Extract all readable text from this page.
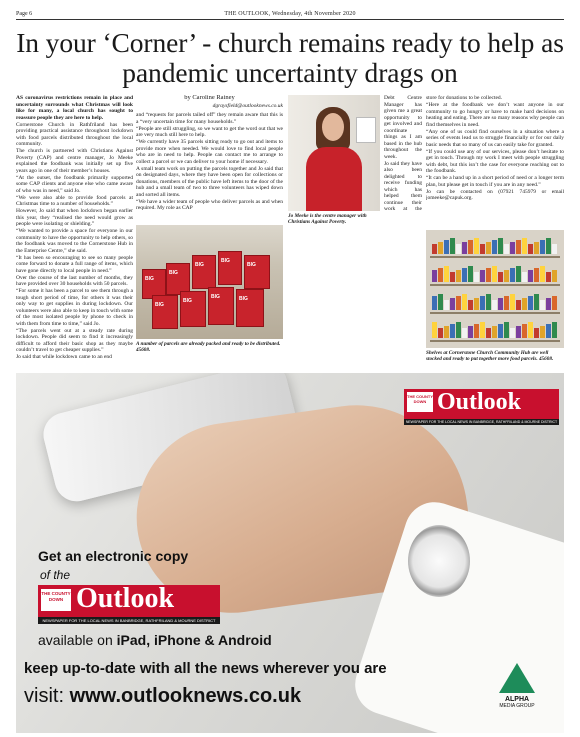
Page 6	THE OUTLOOK, Wednesday, 4th November 2020
In your ‘Corner’ - church remains ready to help as pandemic uncertainty drags on

AS coronavirus restrictions remain in place and uncertainty surrounds what Christmas will look like for many, a local church has sought to reassure people they are here to help.

Cornerstone Church in Rathfriland has been providing practical assistance throughout lockdown with food parcels distributed throughout the local community.

The church is partnered with Christians Against Poverty (CAP) and centre manager, Jo Meeke explained the foodbank was initially set up five years ago in one of their member’s houses.

“At the outset, the foodbank primarily supported some CAP clients and anyone else who came aware of who was in need,” said Jo.

“We were also able to provide food parcels at Christmas time to a number of households.”

However, Jo said that when lockdown began earlier this year, they “realised the need would grow as people were isolating or shielding.”

“We wanted to provide a space for everyone in our community to have the opportunity to help others, so the foodbank was moved to the Cornerstone Hub in the Enterprise Centre,” she said.

“It has been so encouraging to see so many people come forward to donate a full range of items, which have gone directly to local people in need.”

Over the course of the last number of months, they have provided over 30 households with 50 parcels.

“For some it has been a parcel to see them through a tough short period of time, for others it was their only way to get supplies in during lockdown. Our volunteers were also able to keep in touch with some of the most isolated people by phone to check in with them from time to time,” said Jo.

“The parcels went out at a steady rate during lockdown. People did seem to find it increasingly difficult to afford their basic shop as they maybe couldn’t travel to get cheaper supplies.”

Jo said that while lockdown came to an end

by Caroline Rainey
dgraysfield@outlooknews.co.uk

and “requests for parcels tailed off” they remain aware that this is a “very uncertain time for many households.”

“People are still struggling, so we want to get the word out that we are very much still here to help.

“We currently have 35 parcels sitting ready to go out and items to provide more when needed. We would love to find local people who are in need to help. People can contact me to arrange to collect a parcel or we can deliver to your home if necessary.

A small team work on putting the parcels together and Jo said that on designated days, where they have been open for collections or donations, members of the public have left items to the door of the hub and a small team of two to three volunteers has wiped down and sorted all items.

“We have a wider team of people who deliver parcels as and when required. My role as CAP

BIG
BIG
BIG
BIG
BIG
BIG
BIG
BIG
BIG
A number of parcels are already packed and ready to be distributed. 45608.
Jo Meeke is the centre manager with Christians Against Poverty.

Debt Centre Manager has given me a great opportunity to get involved and coordinate things as I am based in the hub throughout the week.

Jo said they have also been delighted to receive funding which has helped them continue their work at the

store for donations to be collected.

“Here at the foodbank we don’t want anyone in our community to go hungry or have to make hard decisions on heating and eating. There are so many reasons why people can find themselves in need.

“Any one of us could find ourselves in a situation where a series of events lead us to struggle financially or for our daily basic needs that so many of us can easily take for granted.

“If you could use any of our services, please don’t hesitate to get in touch. Through my work I meet with people struggling with debt, but this isn’t the case for everyone reaching out to the foodbank.

“It can be a hand up in a short period of need or a longer term plan, but please get in touch if you are in any need.”

Jo can be contacted on (07921 745979 or email jomeeke@capuk.org.

Shelves at Cornerstone Church Community Hub are well stocked and ready to put together more food parcels. 45608.
THE COUNTY DOWN Outlook
NEWSPAPER FOR THE LOCAL NEWS IN BANBRIDGE, RATHFRILAND & MOURNE DISTRICT
Get an electronic copy
of the
THE COUNTY DOWN Outlook
NEWSPAPER FOR THE LOCAL NEWS IN BANBRIDGE, RATHFRILAND & MOURNE DISTRICT
available on iPad, iPhone & Android
keep up-to-date with all the news wherever you are
visit: www.outlooknews.co.uk	ALPHA
MEDIA GROUP
